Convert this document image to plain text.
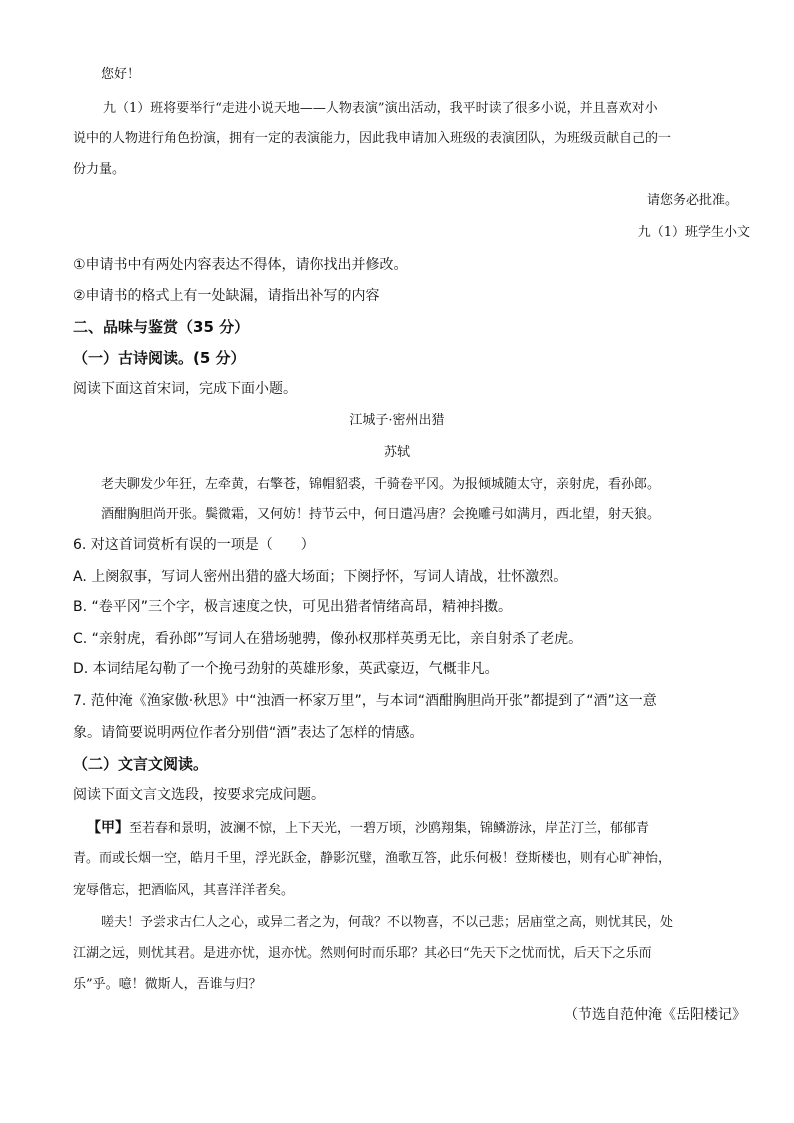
您好！
九（1）班将要举行“走进小说天地——人物表演”演出活动，我平时读了很多小说，并且喜欢对小
说中的人物进行角色扮演，拥有一定的表演能力，因此我申请加入班级的表演团队，为班级贡献自己的一
份力量。
请您务必批准。
九（1）班学生小文
①申请书中有两处内容表达不得体，请你找出并修改。
②申请书的格式上有一处缺漏，请指出补写的内容
二、品味与鉴赏（35 分）
（一）古诗阅读。(5 分）
阅读下面这首宋词，完成下面小题。
江城子·密州出猎
苏轼
老夫聊发少年狂，左牵黄，右擎苍，锦帽貂裘，千骑卷平冈。为报倾城随太守，亲射虎，看孙郎。
酒酣胸胆尚开张。鬓微霜，又何妨！持节云中，何日遣冯唐？会挽雕弓如满月，西北望，射天狼。
6. 对这首词赏析有误的一项是（　　）
A. 上阕叙事，写词人密州出猎的盛大场面；下阕抒怀，写词人请战，壮怀激烈。
B. “卷平冈”三个字，极言速度之快，可见出猎者情绪高昂，精神抖擞。
C. “亲射虎，看孙郎”写词人在猎场驰骋，像孙权那样英勇无比，亲自射杀了老虎。
D. 本词结尾勾勒了一个挽弓劲射的英雄形象，英武豪迈，气概非凡。
7. 范仲淹《渔家傲·秋思》中“浊酒一杯家万里”，与本词“酒酣胸胆尚开张”都提到了“酒”这一意
象。请简要说明两位作者分别借“酒”表达了怎样的情感。
（二）文言文阅读。
阅读下面文言文选段，按要求完成问题。
【甲】至若春和景明，波澜不惊，上下天光，一碧万顷，沙鸥翔集，锦鳞游泳，岸芷汀兰，郁郁青
青。而或长烟一空，皓月千里，浮光跃金，静影沉璧，渔歌互答，此乐何极！登斯楼也，则有心旷神怡，
宠辱偕忘，把酒临风，其喜洋洋者矣。
嗟夫！予尝求古仁人之心，或异二者之为，何哉？不以物喜，不以己悲；居庙堂之高，则忧其民，处
江湖之远，则忧其君。是进亦忧，退亦忧。然则何时而乐耶？其必曰“先天下之忧而忧，后天下之乐而
乐”乎。噫！微斯人，吾谁与归？
（节选自范仲淹《岳阳楼记》
